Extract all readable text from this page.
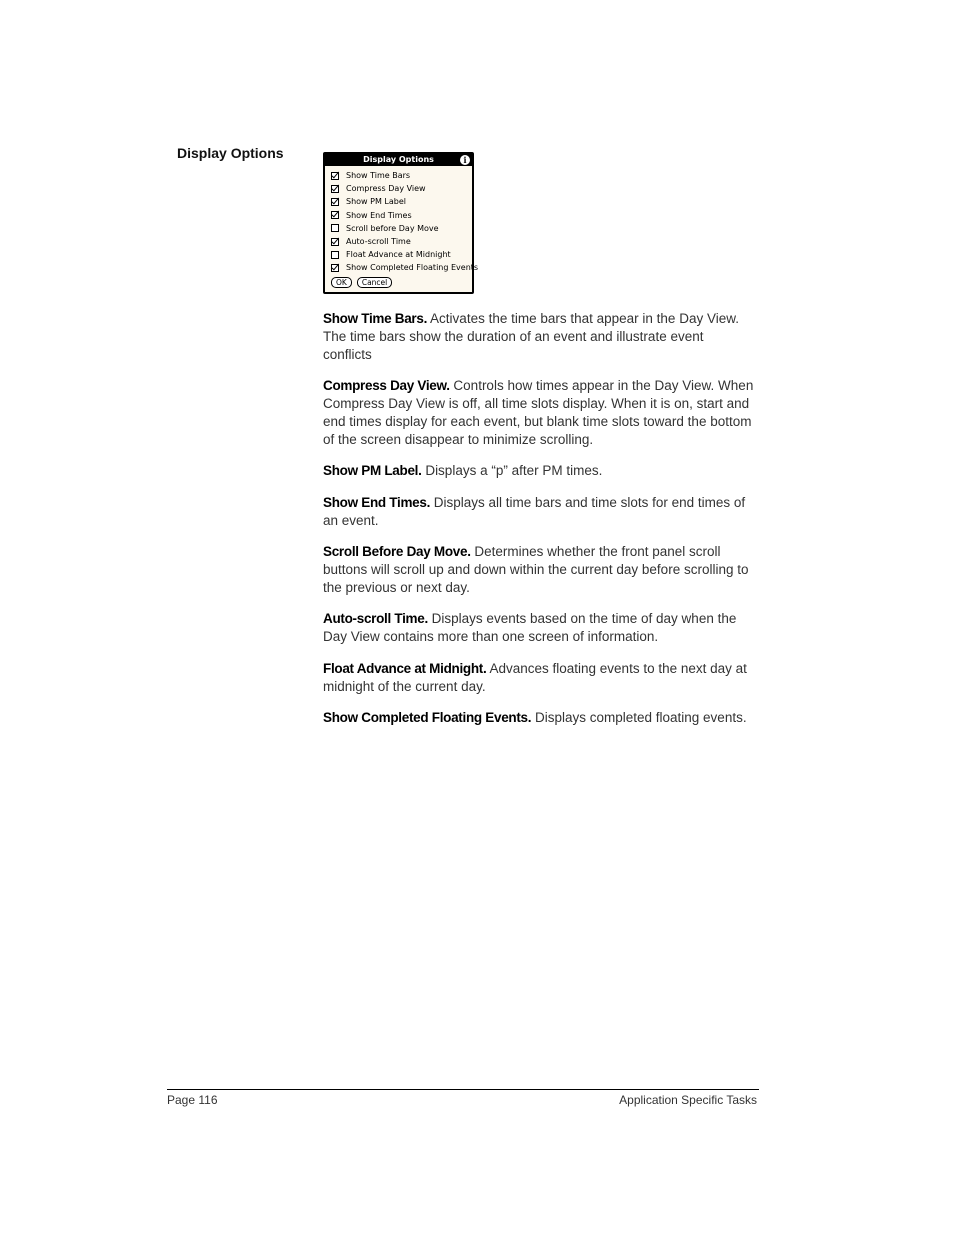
Display Options	Display Options	i
Show Time Bars
Compress Day View
Show PM Label
Show End Times
Scroll before Day Move
Auto-scroll Time
Float Advance at Midnight
Show Completed Floating Events
OK	Cancel

Show Time Bars. Activates the time bars that appear in the Day View. The time bars show the duration of an event and illustrate event conflicts

Compress Day View. Controls how times appear in the Day View. When Compress Day View is off, all time slots display. When it is on, start and end times display for each event, but blank time slots toward the bottom of the screen disappear to minimize scrolling.

Show PM Label. Displays a “p” after PM times.

Show End Times. Displays all time bars and time slots for end times of an event.

Scroll Before Day Move. Determines whether the front panel scroll buttons will scroll up and down within the current day before scrolling to the previous or next day.

Auto-scroll Time. Displays events based on the time of day when the Day View contains more than one screen of information.

Float Advance at Midnight. Advances floating events to the next day at midnight of the current day.

Show Completed Floating Events. Displays completed floating events.

Page 116	Application Specific Tasks
